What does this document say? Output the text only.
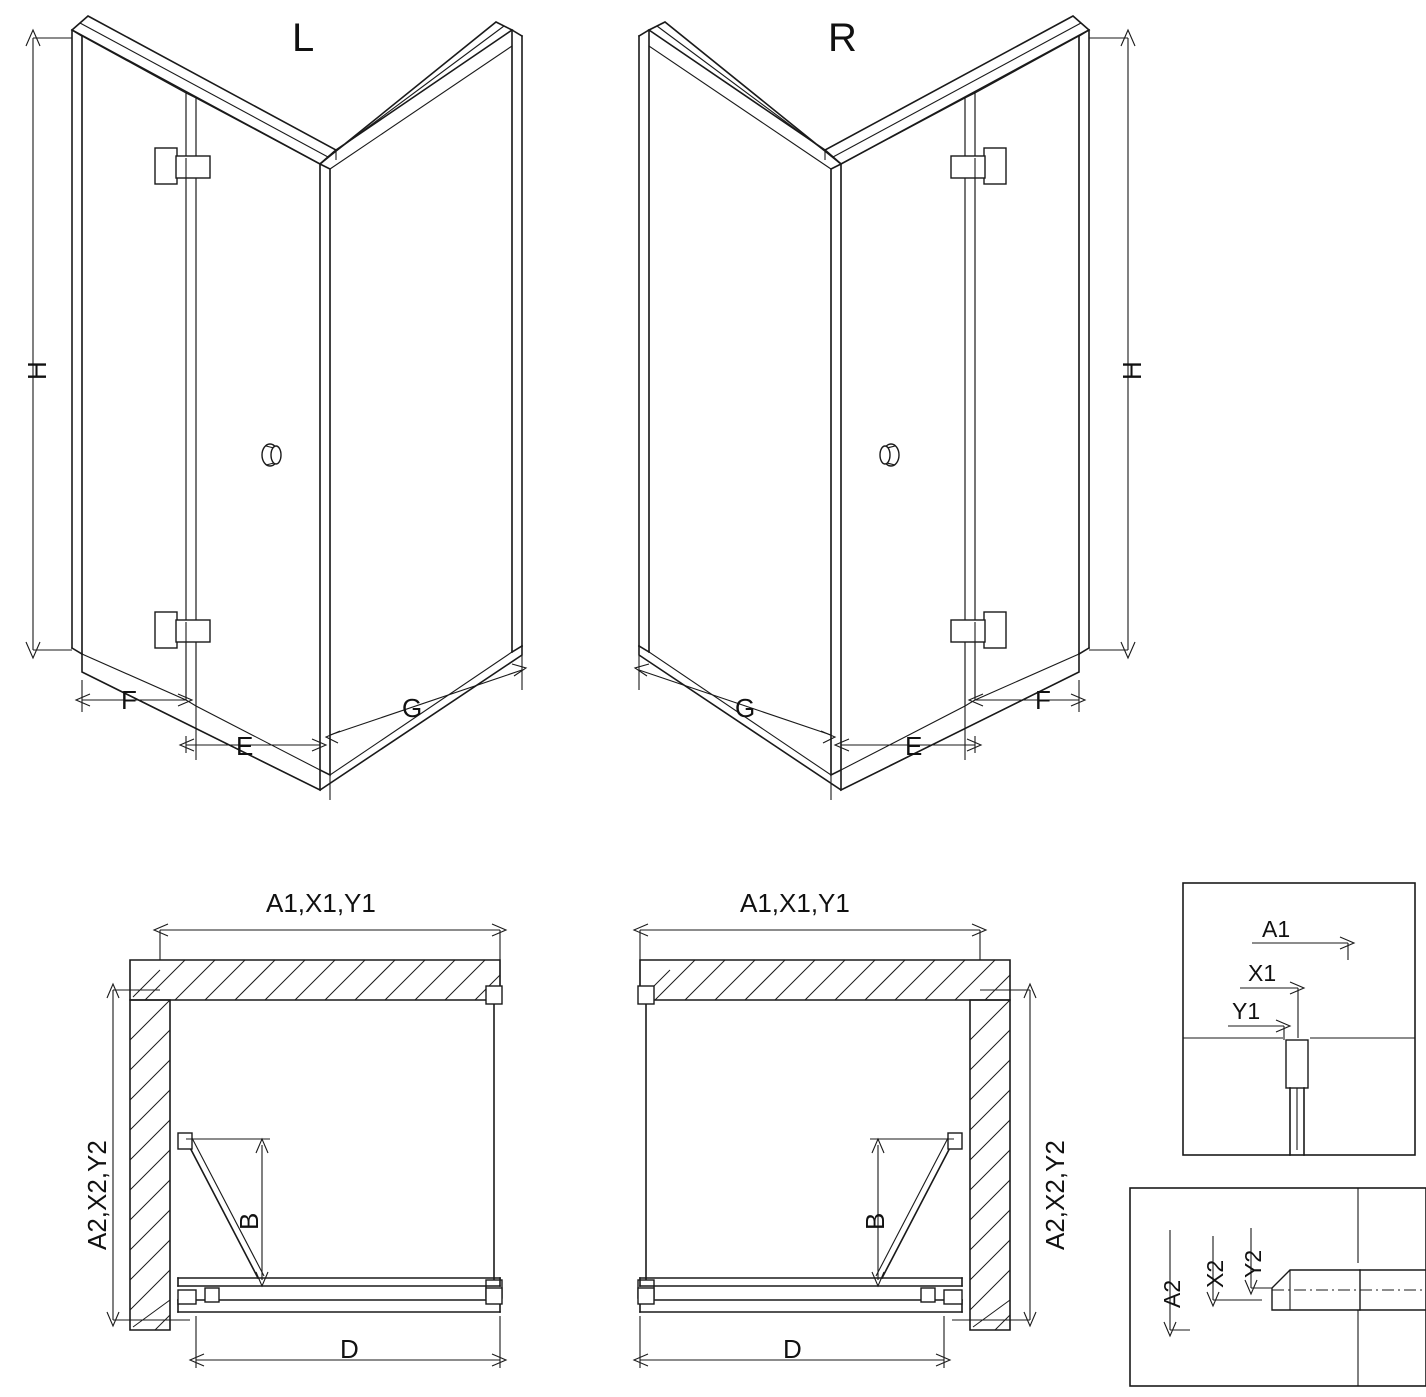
L	R
H	H
F
E
G	F
E
G
A1,X1,Y1
A2,X2,Y2	B
D
A1,X1,Y1
A2,X2,Y2
B
D
A1
X1
Y1
A2
X2 Y2
